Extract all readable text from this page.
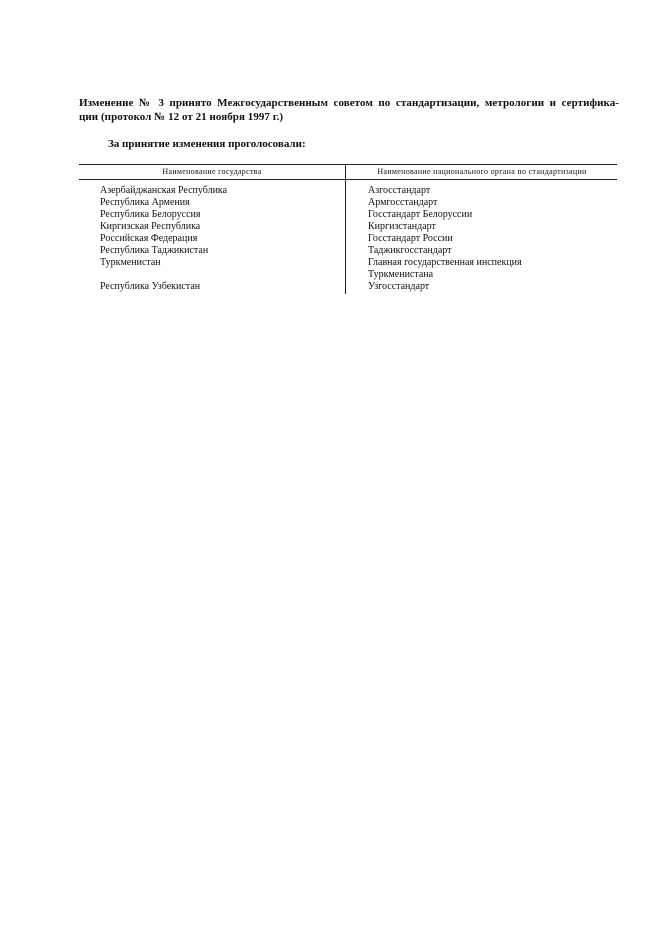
Изменение № 3 принято Межгосударственным советом по стандартизации, метрологии и сертифика-
ции (протокол № 12 от 21 ноября 1997 г.)
За принятие изменения проголосовали:
Наименование государства	Наименование национального органа по стандартизации
Азербайджанская Республика
Республика Армения
Республика Белоруссия
Киргизская Республика
Российская Федерация
Республика Таджикистан
Туркменистан

Республика Узбекистан
Азгосстандарт
Армгосстандарт
Госстандарт Белоруссии
Киргизстандарт
Госстандарт России
Таджикгосстандарт
Главная государственная инспекция
Туркменистана
Узгосстандарт
